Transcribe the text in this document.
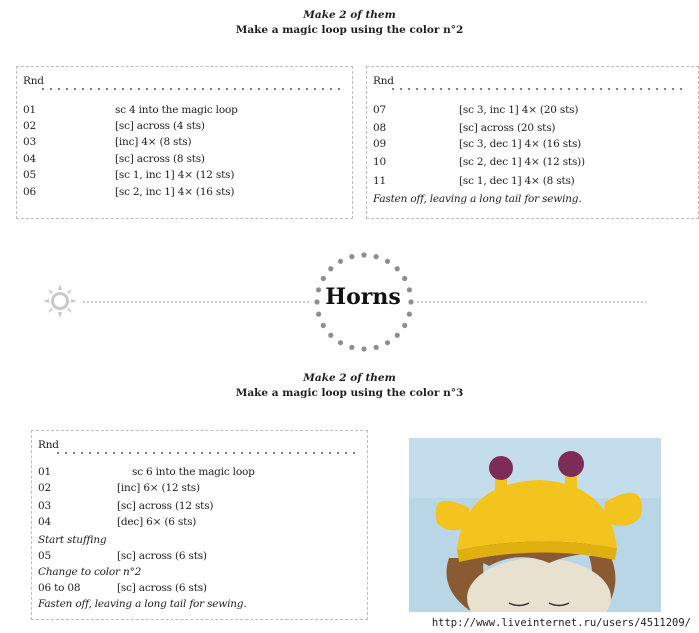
Make 2 of them
Make a magic loop using the color n°2
Rnd
01	sc 4 into the magic loop
02	[sc] across (4 sts)
03	[inc] 4× (8 sts)
04	[sc] across (8 sts)
05	[sc 1, inc 1] 4× (12 sts)
06	[sc 2, inc 1] 4× (16 sts)
Rnd
07	[sc 3, inc 1] 4× (20 sts)
08	[sc] across (20 sts)
09	[sc 3, dec 1] 4× (16 sts)
10	[sc 2, dec 1] 4× (12 sts))
11	[sc 1, dec 1] 4× (8 sts)
Fasten off, leaving a long tail for sewing.
Horns
Make 2 of them
Make a magic loop using the color n°3
Rnd
01	sc 6 into the magic loop
02	[inc] 6× (12 sts)
03	[sc] across (12 sts)
04	[dec] 6× (6 sts)
Start stuffing
05	[sc] across (6 sts)
Change to color n°2
06 to 08	[sc] across (6 sts)
Fasten off, leaving a long tail for sewing.
http://www.liveinternet.ru/users/4511209/
